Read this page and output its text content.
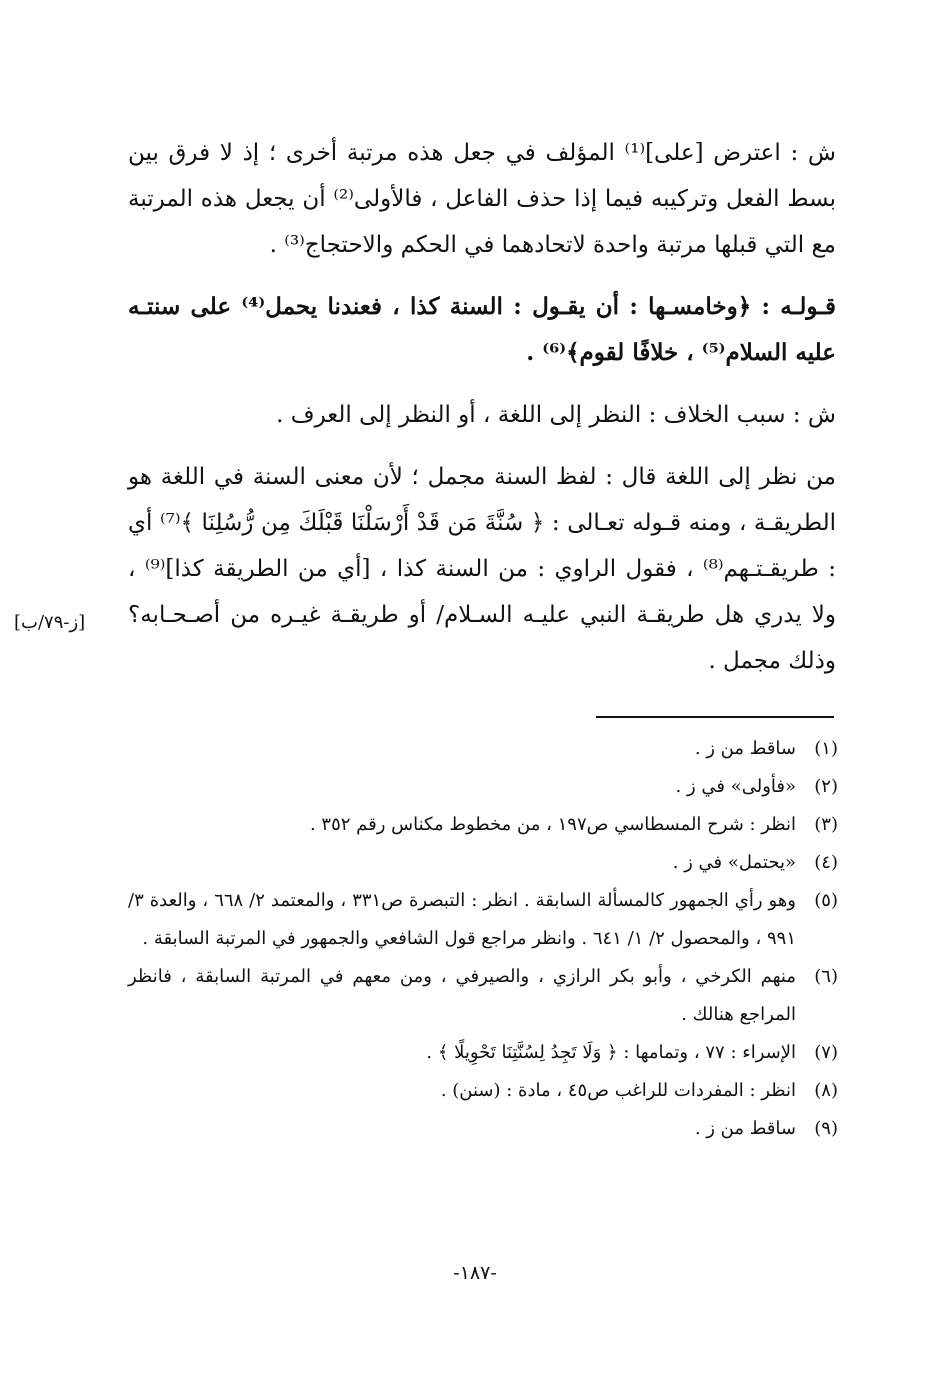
ش : اعترض [على]⁽¹⁾ المؤلف في جعل هذه مرتبة أخرى ؛ إذ لا فرق بين بسط الفعل وتركيبه فيما إذا حذف الفاعل ، فالأولى⁽²⁾ أن يجعل هذه المرتبة مع التي قبلها مرتبة واحدة لاتحادهما في الحكم والاحتجاج⁽³⁾ .

قـولـه : ﴿وخامسـها : أن يقـول : السنة كذا ، فعندنا يحمل⁽⁴⁾ على سنتـه عليه السلام⁽⁵⁾ ، خلافًا لقوم﴾⁽⁶⁾ .

ش : سبب الخلاف : النظر إلى اللغة ، أو النظر إلى العرف .

من نظر إلى اللغة قال : لفظ السنة مجمل ؛ لأن معنى السنة في اللغة هو الطريقـة ، ومنه قـوله تعـالى : ﴿ سُنَّةَ مَن قَدْ أَرْسَلْنَا قَبْلَكَ مِن رُّسُلِنَا ﴾⁽⁷⁾ أي : طريقـتـهم⁽⁸⁾ ، فقول الراوي : من السنة كذا ، [أي من الطريقة كذا]⁽⁹⁾ ، ولا يدري هل طريقـة النبي عليـه السـلام/ أو طريقـة غيـره من أصـحـابه؟ وذلك مجمل .

[ز-٧٩/ب]
(١)
ساقط من ز .
(٢)
«فأولى» في ز .
(٣)
انظر : شرح المسطاسي ص١٩٧ ، من مخطوط مكناس رقم ٣٥٢ .
(٤)
«يحتمل» في ز .
(٥)
وهو رأي الجمهور كالمسألة السابقة . انظر : التبصرة ص٣٣١ ، والمعتمد ٢/ ٦٦٨ ، والعدة ٣/ ٩٩١ ، والمحصول ٢/ ١/ ٦٤١ . وانظر مراجع قول الشافعي والجمهور في المرتبة السابقة .
(٦)
منهم الكرخي ، وأبو بكر الرازي ، والصيرفي ، ومن معهم في المرتبة السابقة ، فانظر المراجع هنالك .
(٧)
الإسراء : ٧٧ ، وتمامها : ﴿ وَلَا تَجِدُ لِسُنَّتِنَا تَحْوِيلًا ﴾ .
(٨)
انظر : المفردات للراغب ص٤٥ ، مادة : (سنن) .
(٩)
ساقط من ز .
-١٨٧-
